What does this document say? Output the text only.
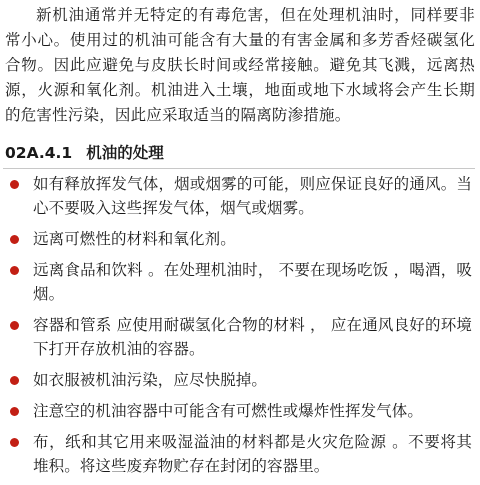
新机油通常并无特定的有毒危害，但在处理机油时，同样要非常小心。使用过的机油可能含有大量的有害金属和多芳香烃碳氢化合物。因此应避免与皮肤长时间或经常接触。避免其飞溅，远离热源，火源和氧化剂。机油进入土壤，地面或地下水域将会产生长期的危害性污染，因此应采取适当的隔离防渗措施。

02A.4.1 机油的处理
如有释放挥发气体，烟或烟雾的可能，则应保证良好的通风。当心不要吸入这些挥发气体，烟气或烟雾。
远离可燃性的材料和氧化剂。
远离食品和饮料 。在处理机油时， 不要在现场吃饭 ，喝酒，吸烟。
容器和管系 应使用耐碳氢化合物的材料 ， 应在通风良好的环境下打开存放机油的容器。
如衣服被机油污染，应尽快脱掉。
注意空的机油容器中可能含有可燃性或爆炸性挥发气体。
布，纸和其它用来吸湿溢油的材料都是火灾危险源 。不要将其堆积。将这些废弃物贮存在封闭的容器里。
